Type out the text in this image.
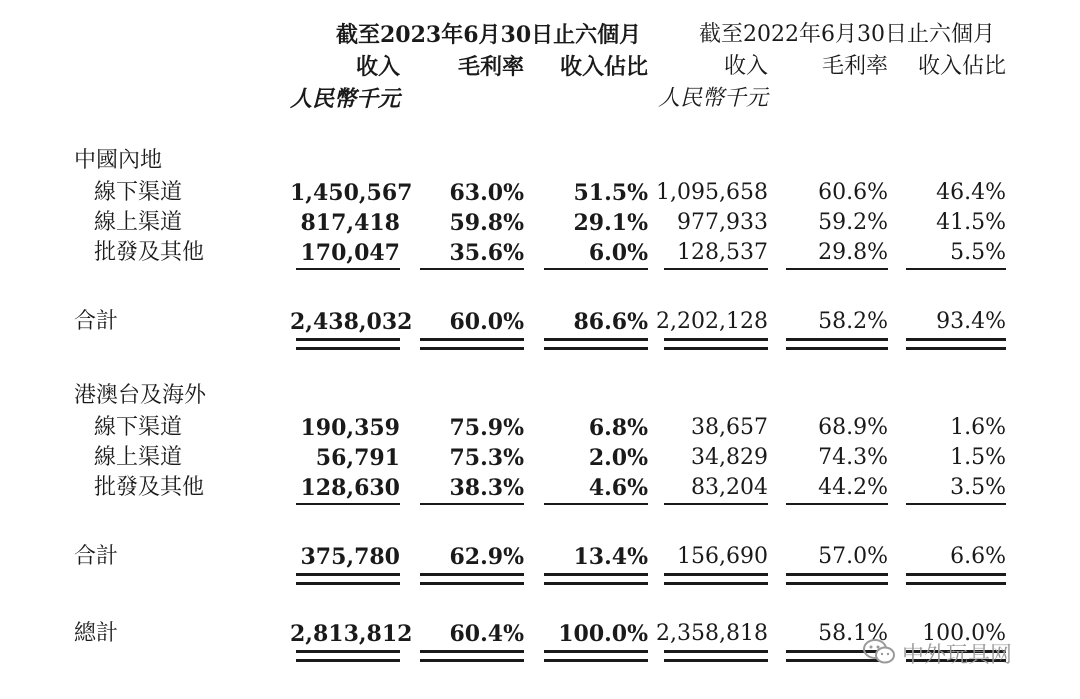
截至2023年6月30日止六個月	截至2022年6月30日止六個月
收入	毛利率	收入佔比	收入	毛利率	收入佔比
人民幣千元	人民幣千元
中國內地
線下渠道	1,450,567	63.0%	51.5% 1,095,658	60.6%	46.4%
線上渠道	817,418	59.8%	29.1%	977,933	59.2%	41.5%
批發及其他	170,047	35.6%	6.0%	128,537	29.8%	5.5%
合計	2,438,032	60.0%	86.6% 2,202,128	58.2%	93.4%
港澳台及海外
線下渠道	190,359	75.9%	6.8%	38,657	68.9%	1.6%
線上渠道	56,791	75.3%	2.0%	34,829	74.3%	1.5%
批發及其他	128,630	38.3%	4.6%	83,204	44.2%	3.5%
合計	375,780	62.9%	13.4%	156,690	57.0%	6.6%
總計	2,813,812	60.4%	100.0% 2,358,818	58.1%	100.0%
中外玩具网
